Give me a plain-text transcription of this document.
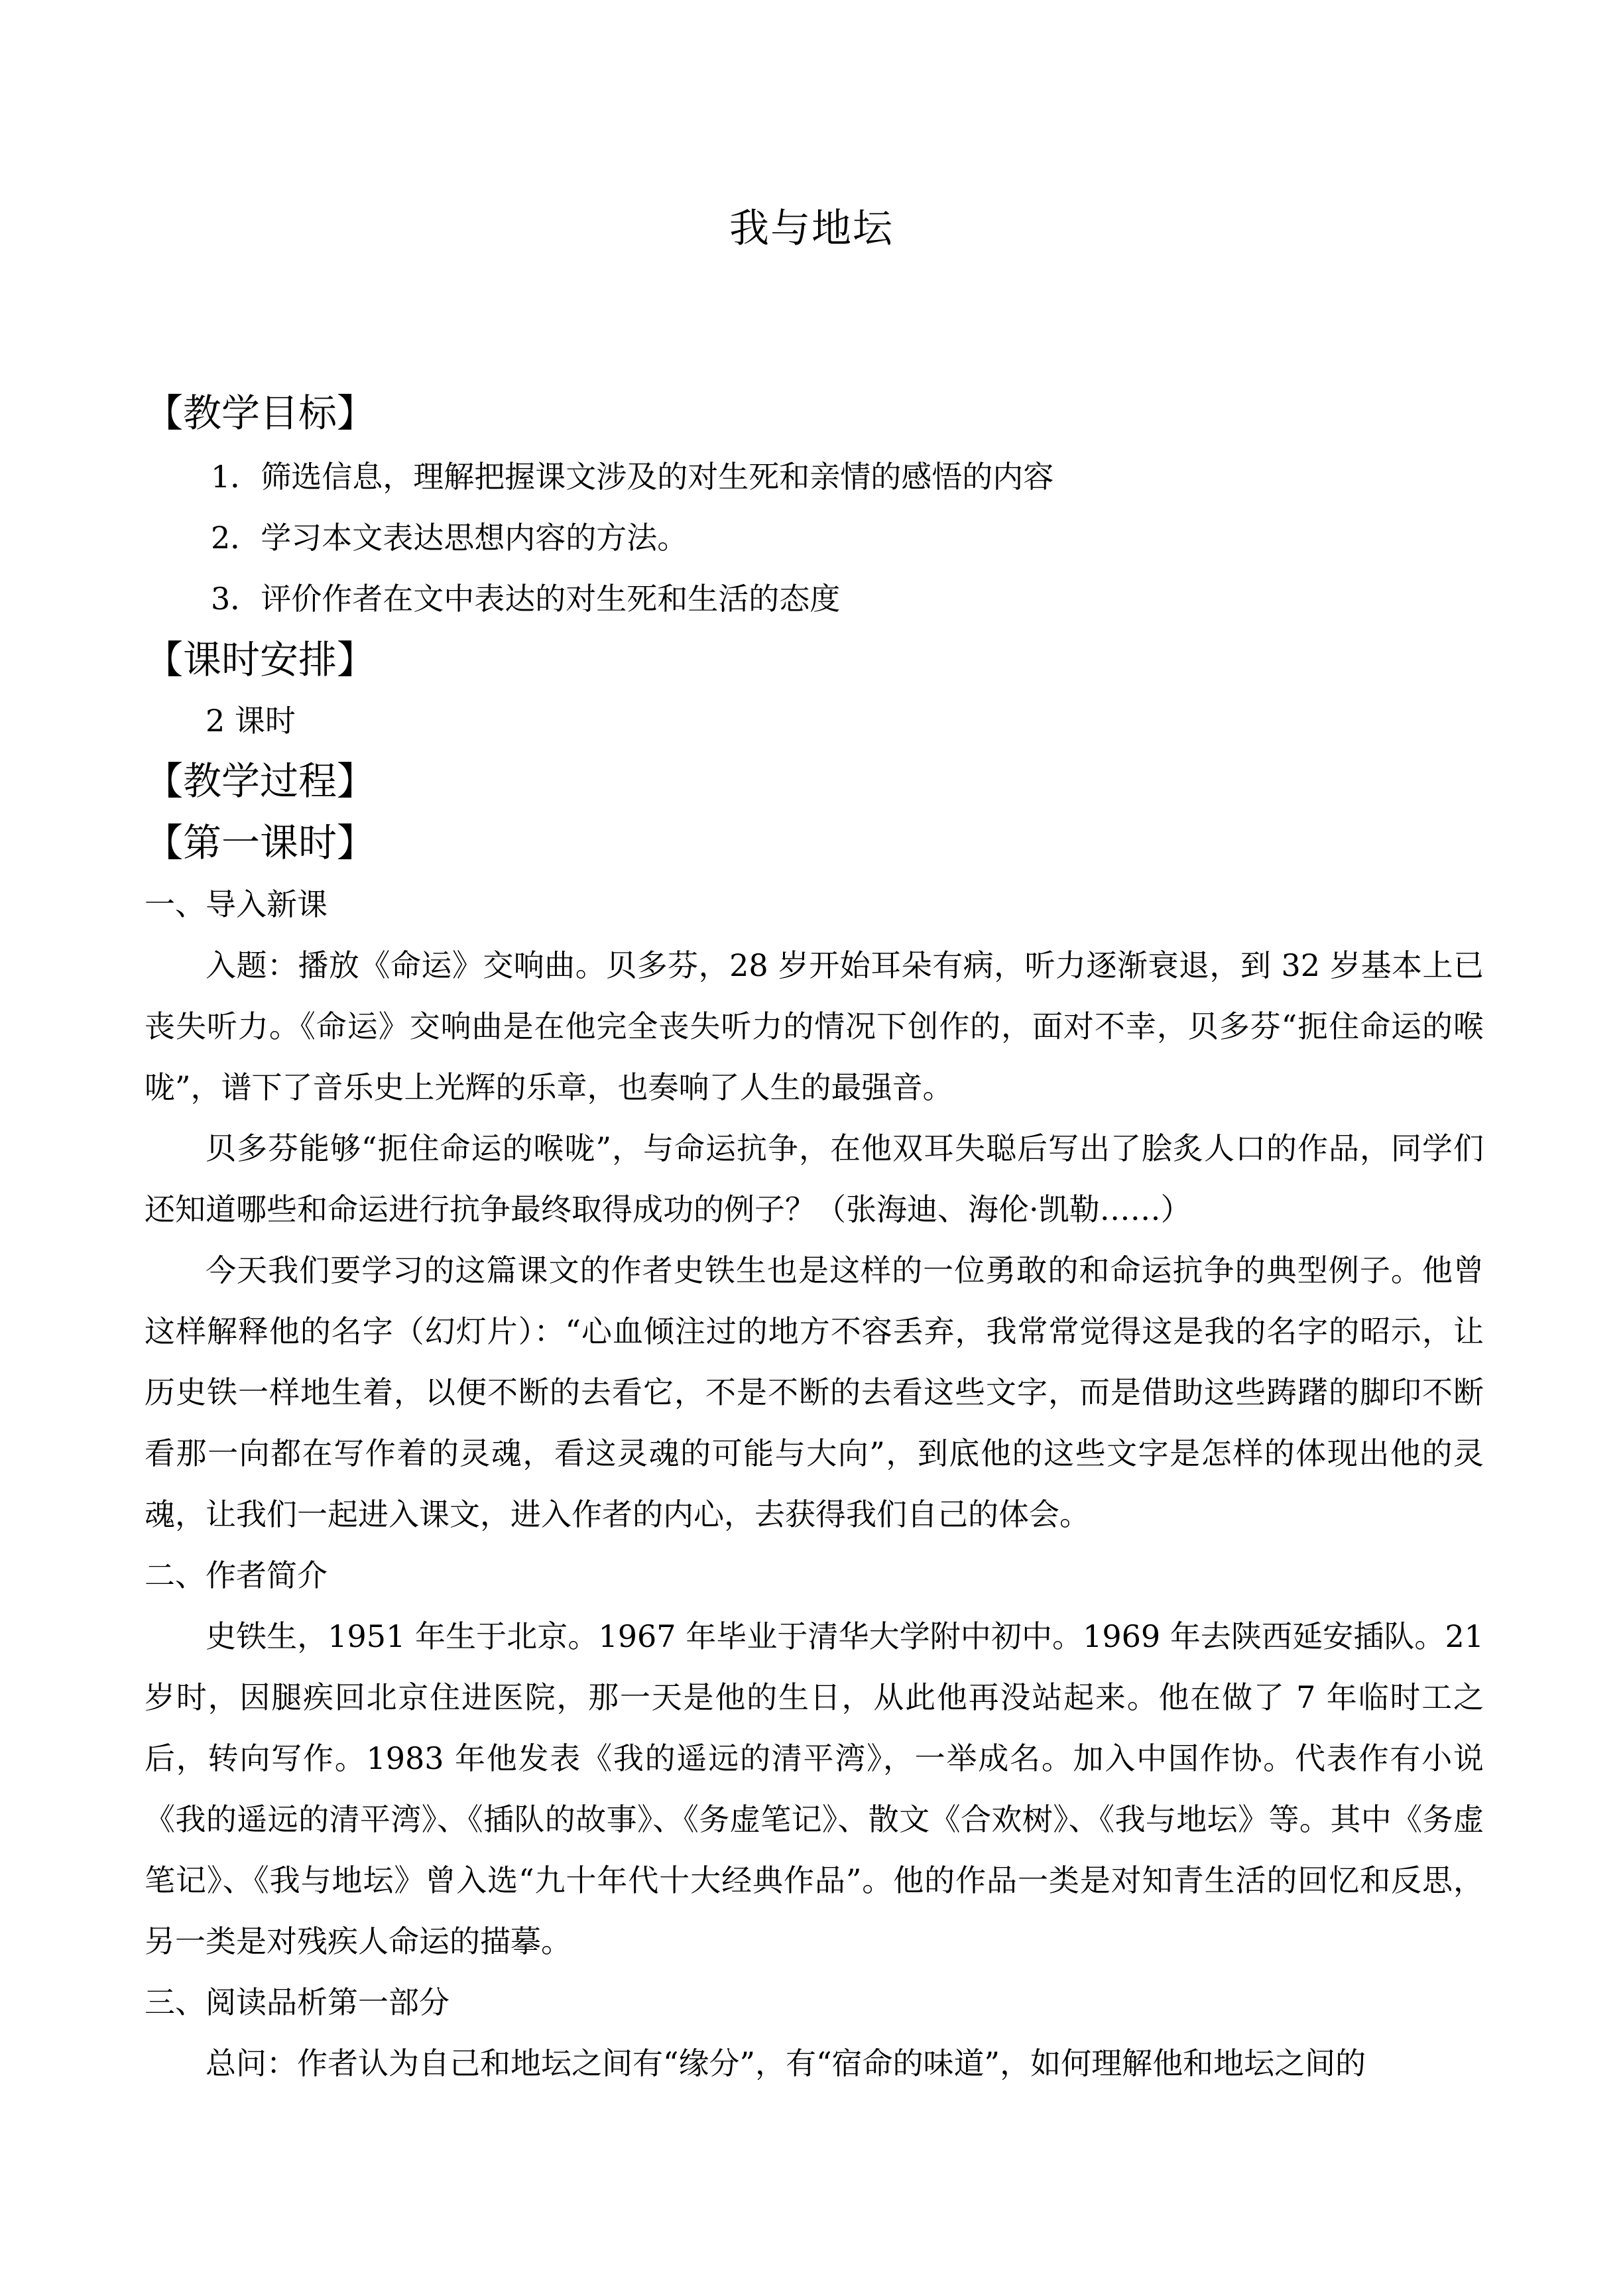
我与地坛
【教学目标】
1．筛选信息，理解把握课文涉及的对生死和亲情的感悟的内容
2．学习本文表达思想内容的方法。
3．评价作者在文中表达的对生死和生活的态度
【课时安排】
2 课时
【教学过程】
【第一课时】
一、导入新课

入题：播放《命运》交响曲。贝多芬，28 岁开始耳朵有病，听力逐渐衰退，到 32 岁基本上已丧失听力。《命运》交响曲是在他完全丧失听力的情况下创作的，面对不幸，贝多芬“扼住命运的喉咙”，谱下了音乐史上光辉的乐章，也奏响了人生的最强音。

贝多芬能够“扼住命运的喉咙”，与命运抗争，在他双耳失聪后写出了脍炙人口的作品，同学们还知道哪些和命运进行抗争最终取得成功的例子？（张海迪、海伦·凯勒……）

今天我们要学习的这篇课文的作者史铁生也是这样的一位勇敢的和命运抗争的典型例子。他曾这样解释他的名字（幻灯片）：“心血倾注过的地方不容丢弃，我常常觉得这是我的名字的昭示，让历史铁一样地生着，以便不断的去看它，不是不断的去看这些文字，而是借助这些踌躇的脚印不断看那一向都在写作着的灵魂，看这灵魂的可能与大向”，到底他的这些文字是怎样的体现出他的灵魂，让我们一起进入课文，进入作者的内心，去获得我们自己的体会。

二、作者简介

史铁生，1951 年生于北京。1967 年毕业于清华大学附中初中。1969 年去陕西延安插队。21 岁时，因腿疾回北京住进医院，那一天是他的生日，从此他再没站起来。他在做了 7 年临时工之后，转向写作。1983 年他发表《我的遥远的清平湾》，一举成名。加入中国作协。代表作有小说《我的遥远的清平湾》、《插队的故事》、《务虚笔记》、散文《合欢树》、《我与地坛》等。其中《务虚笔记》、《我与地坛》曾入选“九十年代十大经典作品”。他的作品一类是对知青生活的回忆和反思，另一类是对残疾人命运的描摹。

三、阅读品析第一部分

总问：作者认为自己和地坛之间有“缘分”，有“宿命的味道”，如何理解他和地坛之间的
